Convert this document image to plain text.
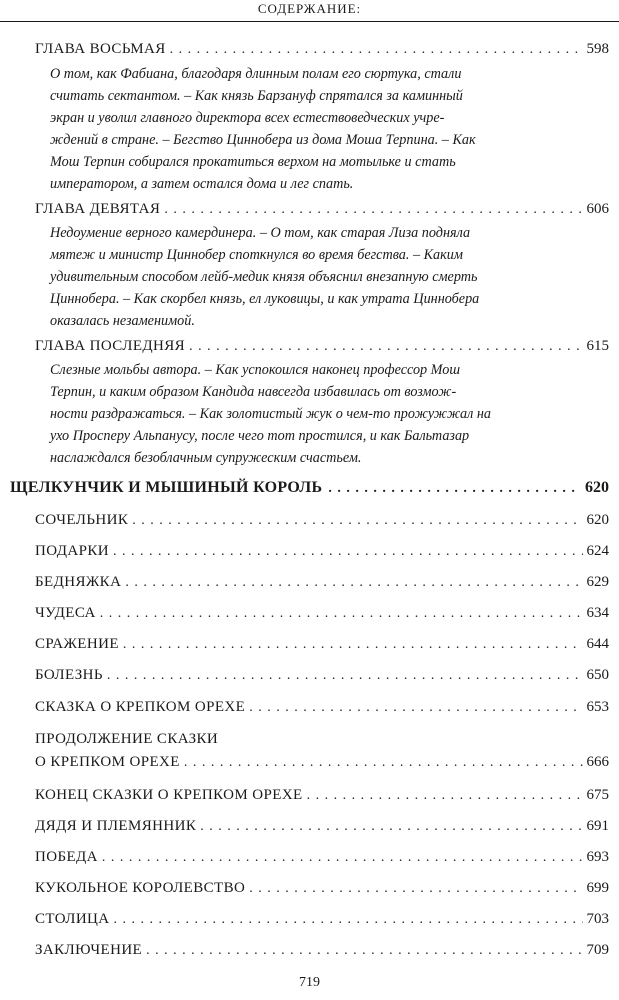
СОДЕРЖАНИЕ:
ГЛАВА ВОСЬМАЯ . . .	598
О том, как Фабиана, благодаря длинным полам его сюртука, стали
считать сектантом. – Как князь Барзануф спрятался за каминный
экран и уволил главного директора всех естествоведческих учре-
ждений в стране. – Бегство Циннобера из дома Моша Терпина. – Как
Мош Терпин собирался прокатиться верхом на мотыльке и стать
императором, а затем остался дома и лег спать.
ГЛАВА ДЕВЯТАЯ . . .	606
Недоумение верного камердинера. – О том, как старая Лиза подняла
мятеж и министр Циннобер споткнулся во время бегства. – Каким
удивительным способом лейб-медик князя объяснил внезапную смерть
Циннобера. – Как скорбел князь, ел луковицы, и как утрата Циннобера
оказалась незаменимой.
ГЛАВА ПОСЛЕДНЯЯ . . .	615
Слезные мольбы автора. – Как успокоился наконец профессор Мош
Терпин, и каким образом Кандида навсегда избавилась от возмож-
ности раздражаться. – Как золотистый жук о чем-то прожужжал на
ухо Просперу Альпанусу, после чего тот простился, и как Бальтазар
наслаждался безоблачным супружеским счастьем.
ЩЕЛКУНЧИК И МЫШИНЫЙ КОРОЛЬ . . .	620
СОЧЕЛЬНИК . . .	620
ПОДАРКИ . . .	624
БЕДНЯЖКА . . .	629
ЧУДЕСА . . .	634
СРАЖЕНИЕ . . .	644
БОЛЕЗНЬ . . .	650
СКАЗКА О КРЕПКОМ ОРЕХЕ . . .	653
ПРОДОЛЖЕНИЕ СКАЗКИ
О КРЕПКОМ ОРЕХЕ . . .	666
КОНЕЦ СКАЗКИ О КРЕПКОМ ОРЕХЕ . . .	675
ДЯДЯ И ПЛЕМЯННИК . . .	691
ПОБЕДА . . .	693
КУКОЛЬНОЕ КОРОЛЕВСТВО . . .	699
СТОЛИЦА . . .	703
ЗАКЛЮЧЕНИЕ . . .	709
719
